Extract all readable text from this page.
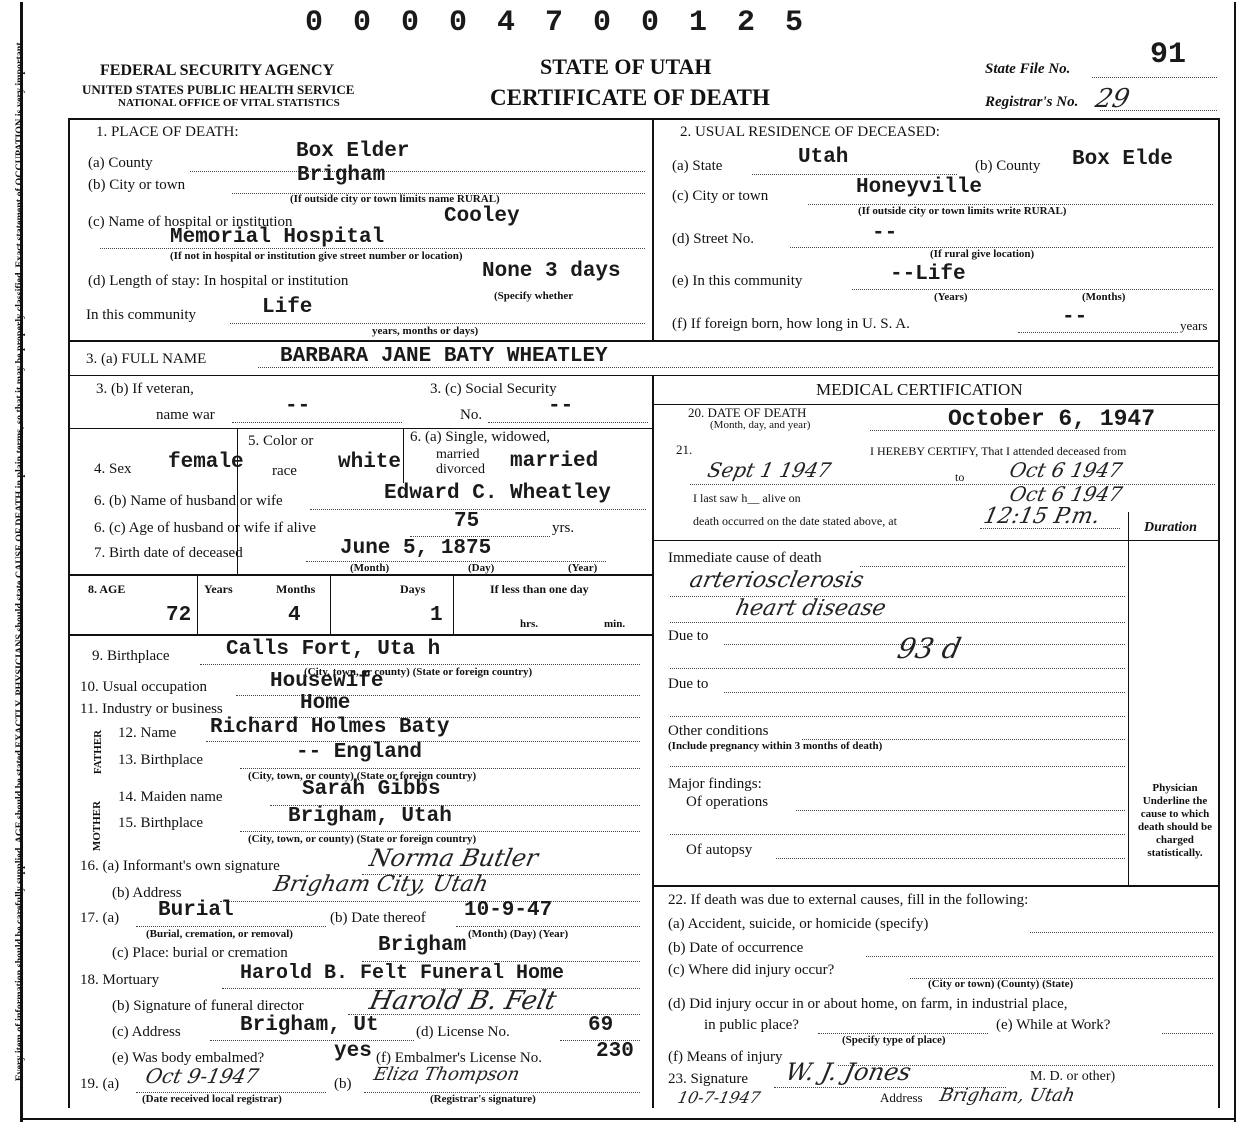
Every item of information should be carefully supplied. AGE should be stated EXACTLY. PHYSICIANS should state CAUSE OF DEATH in plain terms, so that it may be properly classified. Exact statement of OCCUPATION is very important.
0 0 0 0 4 7 0 0 1 2 5
FEDERAL SECURITY AGENCY
UNITED STATES PUBLIC HEALTH SERVICE
NATIONAL OFFICE OF VITAL STATISTICS
STATE OF UTAH
CERTIFICATE OF DEATH
State File No.	91
Registrar's No. 29
1. PLACE OF DEATH:
(a) County	Box Elder
(b) City or town	Brigham
(If outside city or town limits name RURAL)
(c) Name of hospital or institution	Cooley
Memorial Hospital
(If not in hospital or institution give street number or location)
(d) Length of stay: In hospital or institution	None 3 days
(Specify whether
In this community	Life
years, months or days)
2. USUAL RESIDENCE OF DECEASED:
(a) State	Utah	(b) County Box Elde
(c) City or town	Honeyville
(If outside city or town limits write RURAL)
(d) Street No.	--
(If rural give location)
(e) In this community	--Life
(Years)	(Months)
(f) If foreign born, how long in U. S. A.	--	years
3. (a) FULL NAME	BARBARA JANE BATY WHEATLEY
3. (b) If veteran,
name war	--
3. (c) Social Security
No.	--
MEDICAL CERTIFICATION
20. DATE OF DEATH
(Month, day, and year)	October 6, 1947
4. Sex female
5. Color or
race white
6. (a) Single, widowed,
married
divorced married
21.	I HEREBY CERTIFY, That I attended deceased from
Sept 1 1947	to Oct 6 1947
I last saw h__ alive on	Oct 6 1947
death occurred on the date stated above, at	12:15 P.m.	Duration
6. (b) Name of husband or wife	Edward C. Wheatley
6. (c) Age of husband or wife if alive	75	yrs.
7. Birth date of deceased	June 5, 1875
(Month)	(Day)	(Year)
8. AGE	Years	Months	Days	If less than one day
72	4	1	hrs.	min.
Immediate cause of death
arteriosclerosis
heart disease
Due to	93 d
Due to
Other conditions
(Include pregnancy within 3 months of death)
Major findings:
Of operations
Of autopsy
Physician Underline the cause to which death should be charged statistically.
9. Birthplace	Calls Fort, Uta h
(City, town, or county) (State or foreign country)
10. Usual occupation	Housewife
11. Industry or business	Home
FATHER
MOTHER
12. Name Richard Holmes Baty
13. Birthplace	-- England
(City, town, or county) (State or foreign country)
14. Maiden name	Sarah Gibbs
15. Birthplace	Brigham, Utah
(City, town, or county) (State or foreign country)
16. (a) Informant's own signature	Norma Butler
(b) Address	Brigham City, Utah
17. (a) Burial
(Burial, cremation, or removal)
(b) Date thereof 10-9-47
(Month) (Day) (Year)
(c) Place: burial or cremation	Brigham
18. Mortuary	Harold B. Felt Funeral Home
(b) Signature of funeral director Harold B. Felt
(c) Address	Brigham, Ut (d) License No.	69
(e) Was body embalmed?	yes (f) Embalmer's License No.	230
19. (a) Oct 9-1947
(Date received local registrar)
(b) Eliza Thompson
(Registrar's signature)
22. If death was due to external causes, fill in the following:
(a) Accident, suicide, or homicide (specify)
(b) Date of occurrence
(c) Where did injury occur?
(City or town) (County) (State)
(d) Did injury occur in or about home, on farm, in industrial place,
in public place?	(e) While at Work?
(Specify type of place)
(f) Means of injury
23. Signature W. J. Jones	M. D. or other)
10-7-1947	Address Brigham, Utah
